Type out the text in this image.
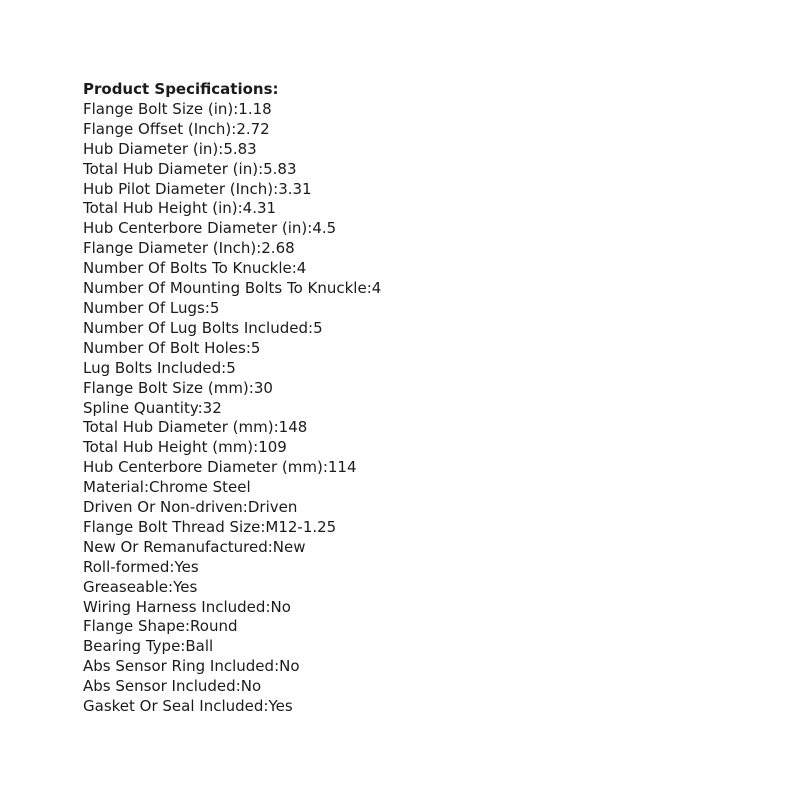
Product Specifications:
Flange Bolt Size (in):1.18
Flange Offset (Inch):2.72
Hub Diameter (in):5.83
Total Hub Diameter (in):5.83
Hub Pilot Diameter (Inch):3.31
Total Hub Height (in):4.31
Hub Centerbore Diameter (in):4.5
Flange Diameter (Inch):2.68
Number Of Bolts To Knuckle:4
Number Of Mounting Bolts To Knuckle:4
Number Of Lugs:5
Number Of Lug Bolts Included:5
Number Of Bolt Holes:5
Lug Bolts Included:5
Flange Bolt Size (mm):30
Spline Quantity:32
Total Hub Diameter (mm):148
Total Hub Height (mm):109
Hub Centerbore Diameter (mm):114
Material:Chrome Steel
Driven Or Non-driven:Driven
Flange Bolt Thread Size:M12-1.25
New Or Remanufactured:New
Roll-formed:Yes
Greaseable:Yes
Wiring Harness Included:No
Flange Shape:Round
Bearing Type:Ball
Abs Sensor Ring Included:No
Abs Sensor Included:No
Gasket Or Seal Included:Yes
